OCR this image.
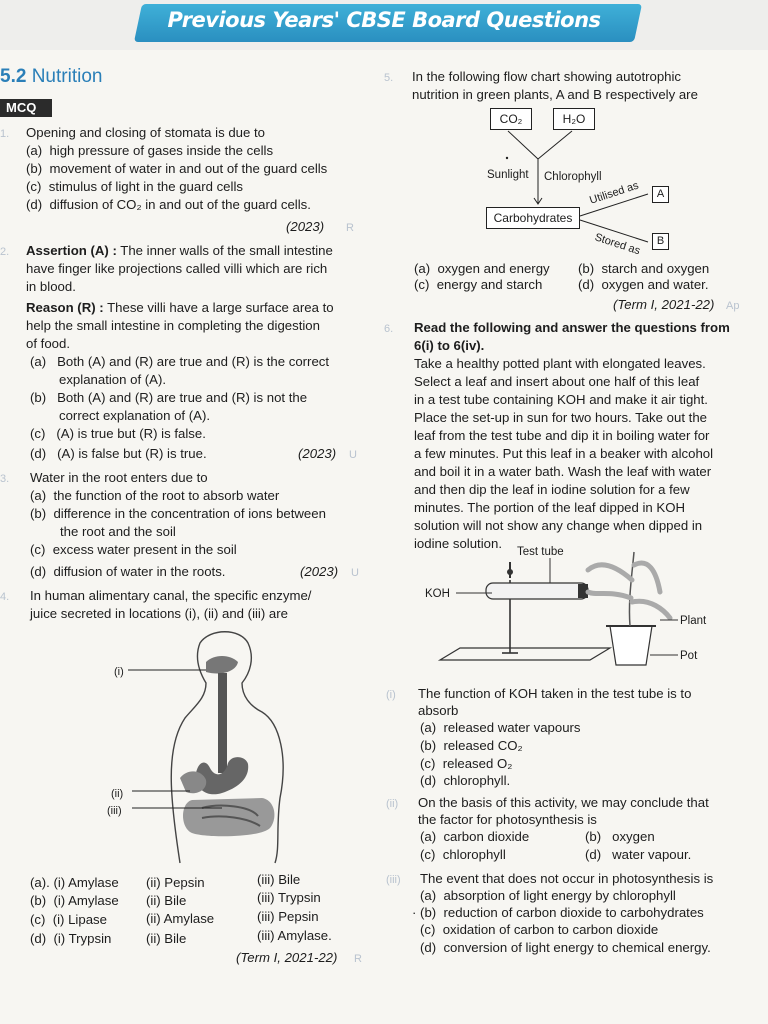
Previous Years' CBSE Board Questions
5.2 Nutrition
MCQ
1. Opening and closing of stomata is due to
(a) high pressure of gases inside the cells
(b) movement of water in and out of the guard cells
(c) stimulus of light in the guard cells
(d) diffusion of CO₂ in and out of the guard cells.
(2023) R
2. Assertion (A) : The inner walls of the small intestine
have finger like projections called villi which are rich
in blood.
Reason (R) : These villi have a large surface area to
help the small intestine in completing the digestion
of food.
(a) Both (A) and (R) are true and (R) is the correct
explanation of (A).
(b) Both (A) and (R) are true and (R) is not the
correct explanation of (A).
(c) (A) is true but (R) is false.
(d) (A) is false but (R) is true.	(2023) U
3. Water in the root enters due to
(a) the function of the root to absorb water
(b) difference in the concentration of ions between
the root and the soil
(c) excess water present in the soil
(d) diffusion of water in the roots.	(2023) U
4. In human alimentary canal, the specific enzyme/
juice secreted in locations (i), (ii) and (iii) are
(i)
(ii)
(iii)
(a). (i) Amylase (ii) Pepsin	(iii) Bile
(b) (i) Amylase (ii) Bile	(iii) Trypsin
(c) (i) Lipase	(ii) Amylase	(iii) Pepsin
(d) (i) Trypsin	(ii) Bile	(iii) Amylase.
(Term I, 2021-22) R
5. In the following flow chart showing autotrophic
nutrition in green plants, A and B respectively are
CO₂	H₂O
Sunlight Chlorophyll
Carbohydrates
Utilised as
Stored as
A
B
(a) oxygen and energy (b) starch and oxygen
(c) energy and starch	(d) oxygen and water.
(Term I, 2021-22) Ap
6. Read the following and answer the questions from
6(i) to 6(iv).
Take a healthy potted plant with elongated leaves.
Select a leaf and insert about one half of this leaf
in a test tube containing KOH and make it air tight.
Place the set-up in sun for two hours. Take out the
leaf from the test tube and dip it in boiling water for
a few minutes. Put this leaf in a beaker with alcohol
and boil it in a water bath. Wash the leaf with water
and then dip the leaf in iodine solution for a few
minutes. The portion of the leaf dipped in KOH
solution will not show any change when dipped in
iodine solution.
Test tube
KOH
Plant
Pot
(i) The function of KOH taken in the test tube is to
absorb
(a) released water vapours
(b) released CO₂
(c) released O₂
(d) chlorophyll.
(ii) On the basis of this activity, we may conclude that
the factor for photosynthesis is
(a) carbon dioxide	(b) oxygen
(c) chlorophyll	(d) water vapour.
(iii) The event that does not occur in photosynthesis is
(a) absorption of light energy by chlorophyll
· (b) reduction of carbon dioxide to carbohydrates
(c) oxidation of carbon to carbon dioxide
(d) conversion of light energy to chemical energy.
